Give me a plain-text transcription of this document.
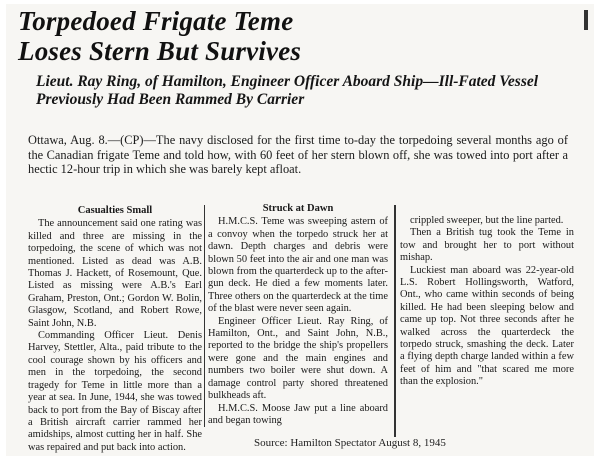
Torpedoed Frigate Teme
Loses Stern But Survives
Lieut. Ray Ring, of Hamilton, Engineer Officer Aboard Ship—Ill-Fated Vessel Previously Had Been Rammed By Carrier
Ottawa, Aug. 8.—(CP)—The navy disclosed for the first time to-day the torpedoing several months ago of the Canadian frigate Teme and told how, with 60 feet of her stern blown off, she was towed into port after a hectic 12-hour trip in which she was barely kept afloat.

Casualties Small

The announcement said one rating was killed and three are missing in the torpedoing, the scene of which was not mentioned. Listed as dead was A.B. Thomas J. Hackett, of Rosemount, Que. Listed as missing were A.B.'s Earl Graham, Preston, Ont.; Gordon W. Bolin, Glasgow, Scotland, and Robert Rowe, Saint John, N.B.

Commanding Officer Lieut. Denis Harvey, Stettler, Alta., paid tribute to the cool courage shown by his officers and men in the torpedoing, the second tragedy for Teme in little more than a year at sea. In June, 1944, she was towed back to port from the Bay of Biscay after a British aircraft carrier rammed her amidships, almost cutting her in half. She was repaired and put back into action.

Struck at Dawn

H.M.C.S. Teme was sweeping astern of a convoy when the torpedo struck her at dawn. Depth charges and debris were blown 50 feet into the air and one man was blown from the quarterdeck up to the after-gun deck. He died a few moments later. Three others on the quarterdeck at the time of the blast were never seen again.

Engineer Officer Lieut. Ray Ring, of Hamilton, Ont., and Saint John, N.B., reported to the bridge the ship's propellers were gone and the main engines and numbers two boiler were shut down. A damage control party shored threatened bulkheads aft.

H.M.C.S. Moose Jaw put a line aboard and began towing

crippled sweeper, but the line parted.

Then a British tug took the Teme in tow and brought her to port without mishap.

Luckiest man aboard was 22-year-old L.S. Robert Hollingsworth, Watford, Ont., who came within seconds of being killed. He had been sleeping below and came up top. Not three seconds after he walked across the quarterdeck the torpedo struck, smashing the deck. Later a flying depth charge landed within a few feet of him and "that scared me more than the explosion."

Source: Hamilton Spectator August 8, 1945
